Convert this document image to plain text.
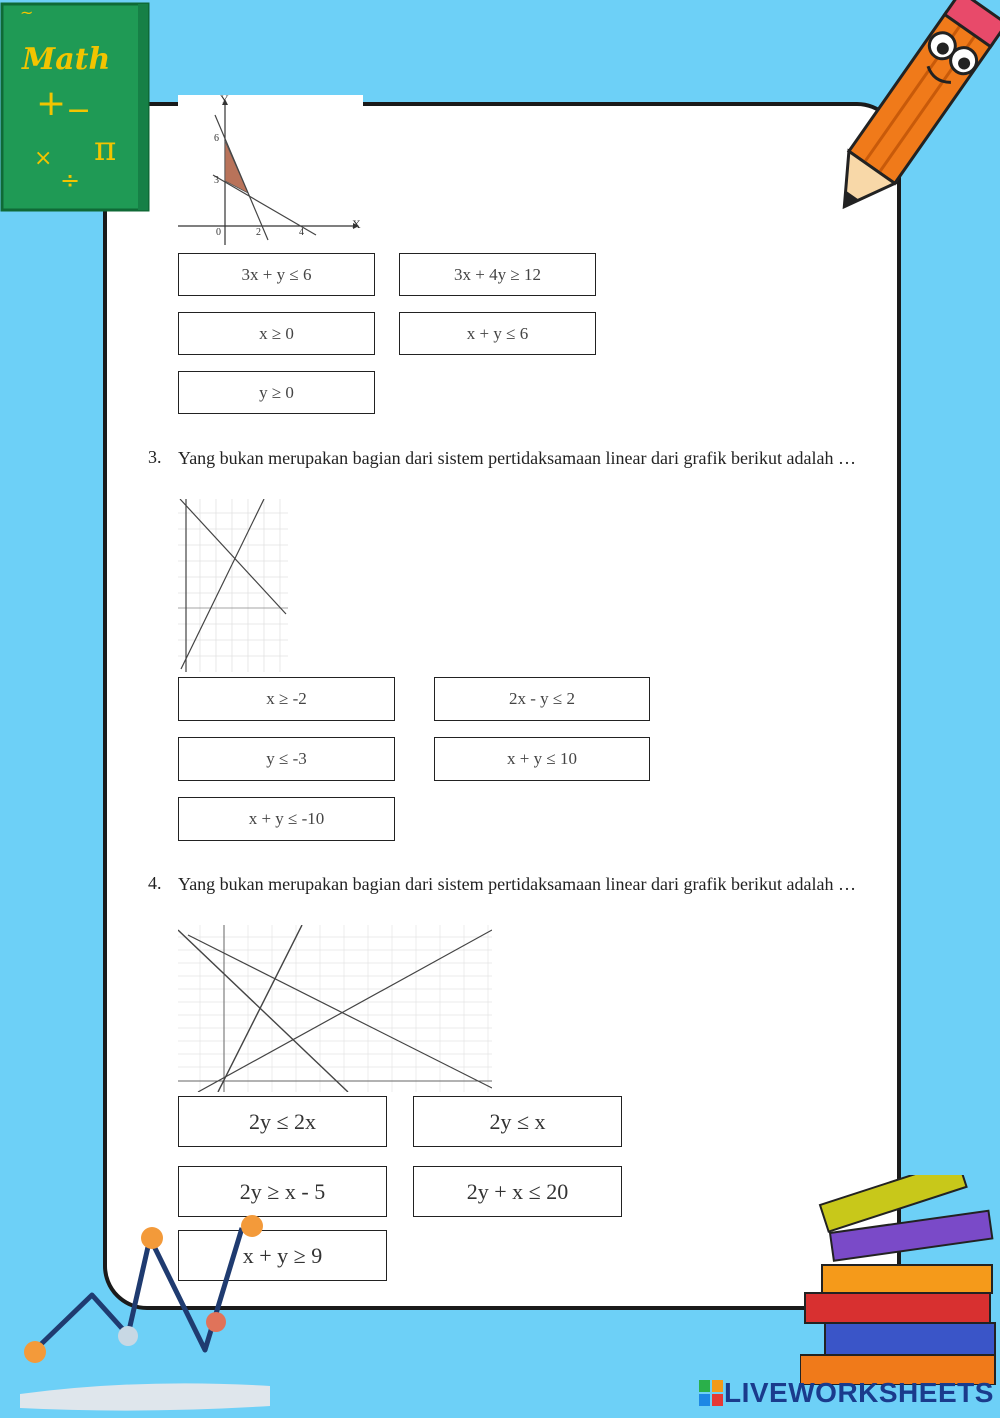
~
+ −
π
×
÷
Math
Y
X
6
3
0	2	4
3x + y ≤ 6	3x + 4y ≥ 12
x ≥ 0	x + y ≤ 6
y ≥ 0
3. Yang bukan merupakan bagian dari sistem pertidaksamaan linear dari grafik berikut adalah …
x ≥ -2	2x - y ≤ 2
y ≤ -3	x + y ≤ 10
x + y ≤ -10
4. Yang bukan merupakan bagian dari sistem pertidaksamaan linear dari grafik berikut adalah …
2y ≤ 2x	2y ≤ x
2y ≥ x - 5	2y + x ≤ 20
x + y ≥ 9
LIVEWORKSHEETS
